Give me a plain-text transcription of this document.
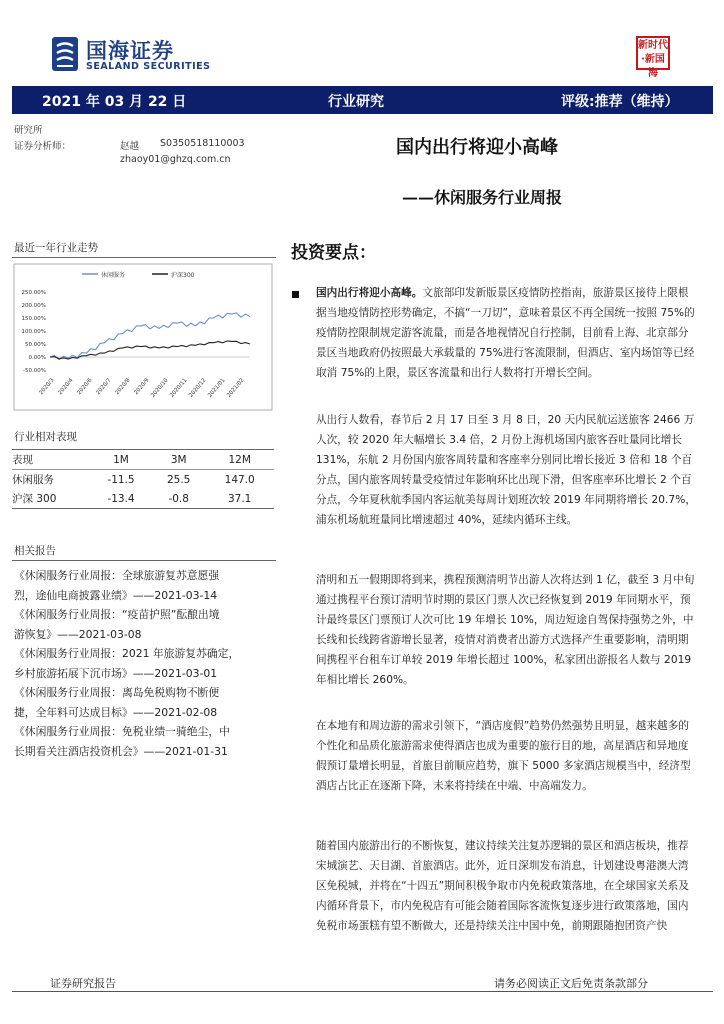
国海证券
SEALAND SECURITIES
新时代·新国海
2021 年 03 月 22 日	行业研究	评级:推荐（维持）
研究所
证券分析师：	赵越 S0350518110003
zhaoy01@ghzq.com.cn
国内出行将迎小高峰
——休闲服务行业周报
最近一年行业走势
休闲服务	沪深300
250.00%
200.00%
150.00%
100.00%
50.00%
0.00%
-50.00%
2020/3 2020/4 2020/6 2020/7 2020/8 2020/9 2020/10 2020/11 2020/12 2021/01 2021/02
行业相对表现
表现	1M	3M	12M
休闲服务	-11.5	25.5	147.0
沪深 300	-13.4	-0.8	37.1
相关报告
《休闲服务行业周报：全球旅游复苏意愿强
烈，途仙电商披露业绩》——2021-03-14
《休闲服务行业周报：“疫苗护照”酝酿出境
游恢复》——2021-03-08
《休闲服务行业周报：2021 年旅游复苏确定，
乡村旅游拓展下沉市场》——2021-03-01
《休闲服务行业周报：离岛免税购物不断便
捷，全年料可达成目标》——2021-02-08
《休闲服务行业周报：免税业绩一骑绝尘，中
长期看关注酒店投资机会》——2021-01-31
投资要点：
国内出行将迎小高峰。文旅部印发新版景区疫情防控指南，旅游景区接待上限根据当地疫情防控形势确定，不搞“一刀切”，意味着景区不再全国统一按照 75%的疫情防控限制规定游客流量，而是各地视情况自行控制，目前看上海、北京部分景区当地政府仍按照最大承载量的 75%进行客流限制，但酒店、室内场馆等已经取消 75%的上限，景区客流量和出行人数将打开增长空间。
从出行人数看，春节后 2 月 17 日至 3 月 8 日，20 天内民航运送旅客 2466 万人次，较 2020 年大幅增长 3.4 倍，2 月份上海机场国内旅客吞吐量同比增长 131%，东航 2 月份国内旅客周转量和客座率分别同比增长接近 3 倍和 18 个百分点，国内旅客周转量受疫情过年影响环比出现下滑，但客座率环比增长 2 个百分点，今年夏秋航季国内客运航美每周计划班次较 2019 年同期将增长 20.7%，浦东机场航班量同比增速超过 40%，延续内循环主线。
清明和五一假期即将到来，携程预测清明节出游人次将达到 1 亿，截至 3 月中旬通过携程平台预订清明节时期的景区门票人次已经恢复到 2019 年同期水平，预计最终景区门票预订人次可比 19 年增长 10%，周边短途自驾保持强势之外，中长线和长线跨省游增长显著，疫情对消费者出游方式选择产生重要影响，清明期间携程平台租车订单较 2019 年增长超过 100%，私家团出游报名人数与 2019 年相比增长 260%。
在本地有和周边游的需求引领下，“酒店度假”趋势仍然强势且明显，越来越多的个性化和品质化旅游需求使得酒店也成为重要的旅行目的地，高星酒店和异地度假预订量增长明显，首旅目前顺应趋势，旗下 5000 多家酒店规模当中，经济型酒店占比正在逐渐下降，未来将持续在中端、中高端发力。
随着国内旅游出行的不断恢复，建议持续关注复苏逻辑的景区和酒店板块，推荐宋城演艺、天目湖、首旅酒店。此外，近日深圳发布消息，计划建设粤港澳大湾区免税城，并将在“十四五”期间积极争取市内免税政策落地，在全球国家关系及内循环背景下，市内免税店有可能会随着国际客流恢复逐步进行政策落地，国内免税市场蛋糕有望不断做大，还是持续关注中国中免，前期跟随抱团资产快
证券研究报告	请务必阅读正文后免责条款部分
